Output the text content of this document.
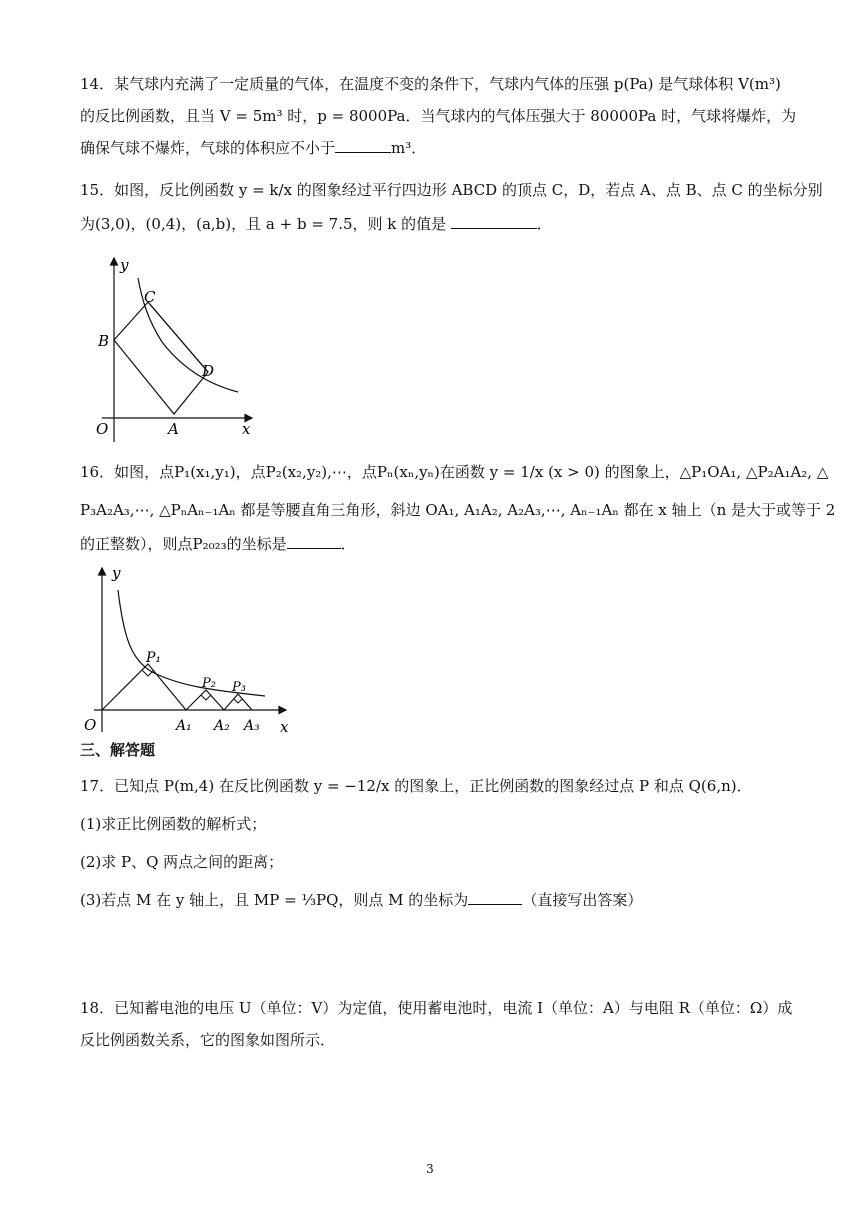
14．某气球内充满了一定质量的气体，在温度不变的条件下，气球内气体的压强 p(Pa) 是气球体积 V(m³)
的反比例函数，且当 V = 5m³ 时，p = 8000Pa．当气球内的气体压强大于 80000Pa 时，气球将爆炸，为
确保气球不爆炸，气球的体积应不小于	m³．
15．如图，反比例函数 y = k/x 的图象经过平行四边形 ABCD 的顶点 C，D，若点 A、点 B、点 C 的坐标分别
为(3,0)，(0,4)，(a,b)，且 a + b = 7.5，则 k 的值是	．
y
x
O	A
B
C
D
16．如图，点P₁(x₁,y₁)，点P₂(x₂,y₂),⋯，点Pₙ(xₙ,yₙ)在函数 y = 1/x (x > 0) 的图象上，△P₁OA₁, △P₂A₁A₂, △
P₃A₂A₃,⋯, △PₙAₙ₋₁Aₙ 都是等腰直角三角形，斜边 OA₁, A₁A₂, A₂A₃,⋯, Aₙ₋₁Aₙ 都在 x 轴上（n 是大于或等于 2
的正整数），则点P₂₀₂₃的坐标是	．
y
x
O
P₁
P₂ P₃
A₁ A₂ A₃
三、解答题
17．已知点 P(m,4) 在反比例函数 y = −12/x 的图象上，正比例函数的图象经过点 P 和点 Q(6,n)．
(1)求正比例函数的解析式；
(2)求 P、Q 两点之间的距离；
(3)若点 M 在 y 轴上，且 MP = ⅓PQ，则点 M 的坐标为	（直接写出答案）
18．已知蓄电池的电压 U（单位：V）为定值，使用蓄电池时，电流 I（单位：A）与电阻 R（单位：Ω）成
反比例函数关系，它的图象如图所示．
3
